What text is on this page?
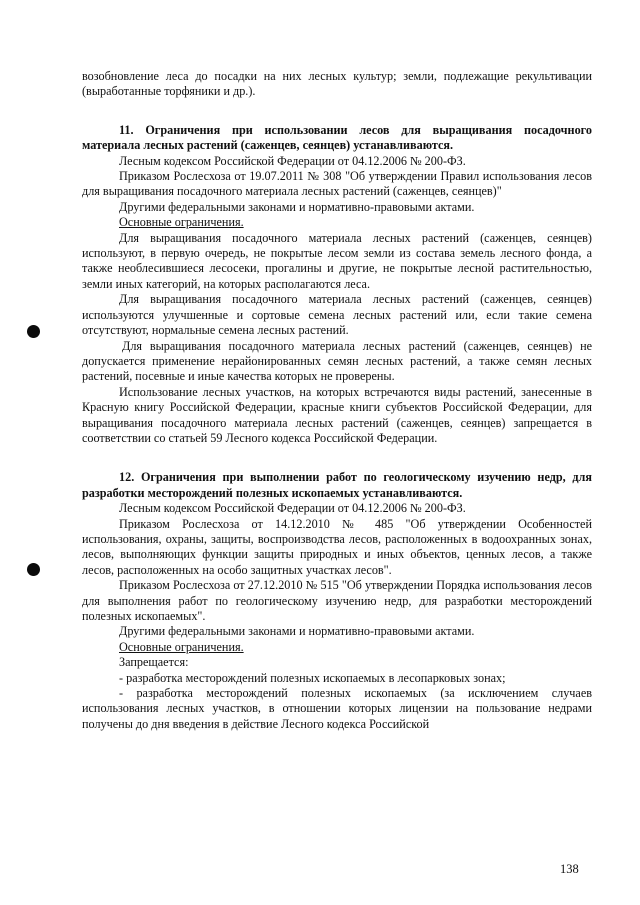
возобновление леса до посадки на них лесных культур; земли, подлежащие рекультивации (выработанные торфяники и др.).

11. Ограничения при использовании лесов для выращивания посадочного материала лесных растений (саженцев, сеянцев) устанавливаются.

Лесным кодексом Российской Федерации от 04.12.2006 № 200-ФЗ.

Приказом Рослесхоза от 19.07.2011 № 308 "Об утверждении Правил использования лесов для выращивания посадочного материала лесных растений (саженцев, сеянцев)"

Другими федеральными законами и нормативно-правовыми актами.

Основные ограничения.

Для выращивания посадочного материала лесных растений (саженцев, сеянцев) используют, в первую очередь, не покрытые лесом земли из состава земель лесного фонда, а также необлесившиеся лесосеки, прогалины и другие, не покрытые лесной растительностью, земли иных категорий, на которых располагаются леса.

Для выращивания посадочного материала лесных растений (саженцев, сеянцев) используются улучшенные и сортовые семена лесных растений или, если такие семена отсутствуют, нормальные семена лесных растений.

Для выращивания посадочного материала лесных растений (саженцев, сеянцев) не допускается применение нерайонированных семян лесных растений, а также семян лесных растений, посевные и иные качества которых не проверены.

Использование лесных участков, на которых встречаются виды растений, занесенные в Красную книгу Российской Федерации, красные книги субъектов Российской Федерации, для выращивания посадочного материала лесных растений (саженцев, сеянцев) запрещается в соответствии со статьей 59 Лесного кодекса Российской Федерации.

12. Ограничения при выполнении работ по геологическому изучению недр, для разработки месторождений полезных ископаемых устанавливаются.

Лесным кодексом Российской Федерации от 04.12.2006 № 200-ФЗ.

Приказом Рослесхоза от 14.12.2010 № 485 "Об утверждении Особенностей использования, охраны, защиты, воспроизводства лесов, расположенных в водоохранных зонах, лесов, выполняющих функции защиты природных и иных объектов, ценных лесов, а также лесов, расположенных на особо защитных участках лесов".

Приказом Рослесхоза от 27.12.2010 № 515 "Об утверждении Порядка использования лесов для выполнения работ по геологическому изучению недр, для разработки месторождений полезных ископаемых".

Другими федеральными законами и нормативно-правовыми актами.

Основные ограничения.

Запрещается:

- разработка месторождений полезных ископаемых в лесопарковых зонах;

- разработка месторождений полезных ископаемых (за исключением случаев использования лесных участков, в отношении которых лицензии на пользование недрами получены до дня введения в действие Лесного кодекса Российской

138
